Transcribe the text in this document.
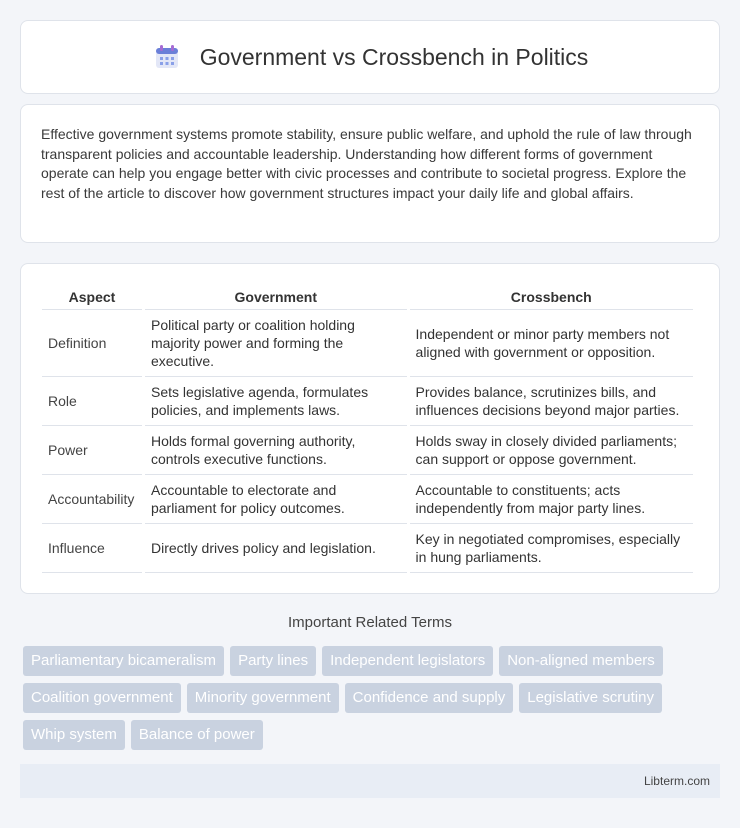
Government vs Crossbench in Politics

Effective government systems promote stability, ensure public welfare, and uphold the rule of law through transparent policies and accountable leadership. Understanding how different forms of government operate can help you engage better with civic processes and contribute to societal progress. Explore the rest of the article to discover how government structures impact your daily life and global affairs.

Aspect	Government	Crossbench
Definition	Political party or coalition holding majority power and forming the executive.	Independent or minor party members not aligned with government or opposition.
Role	Sets legislative agenda, formulates policies, and implements laws.	Provides balance, scrutinizes bills, and influences decisions beyond major parties.
Power	Holds formal governing authority, controls executive functions.	Holds sway in closely divided parliaments; can support or oppose government.
Accountability	Accountable to electorate and parliament for policy outcomes.	Accountable to constituents; acts independently from major party lines.
Influence	Directly drives policy and legislation.	Key in negotiated compromises, especially in hung parliaments.
Important Related Terms
Parliamentary bicameralism	Party lines	Independent legislators	Non-aligned members
Coalition government	Minority government	Confidence and supply	Legislative scrutiny
Whip system	Balance of power
Libterm.com
